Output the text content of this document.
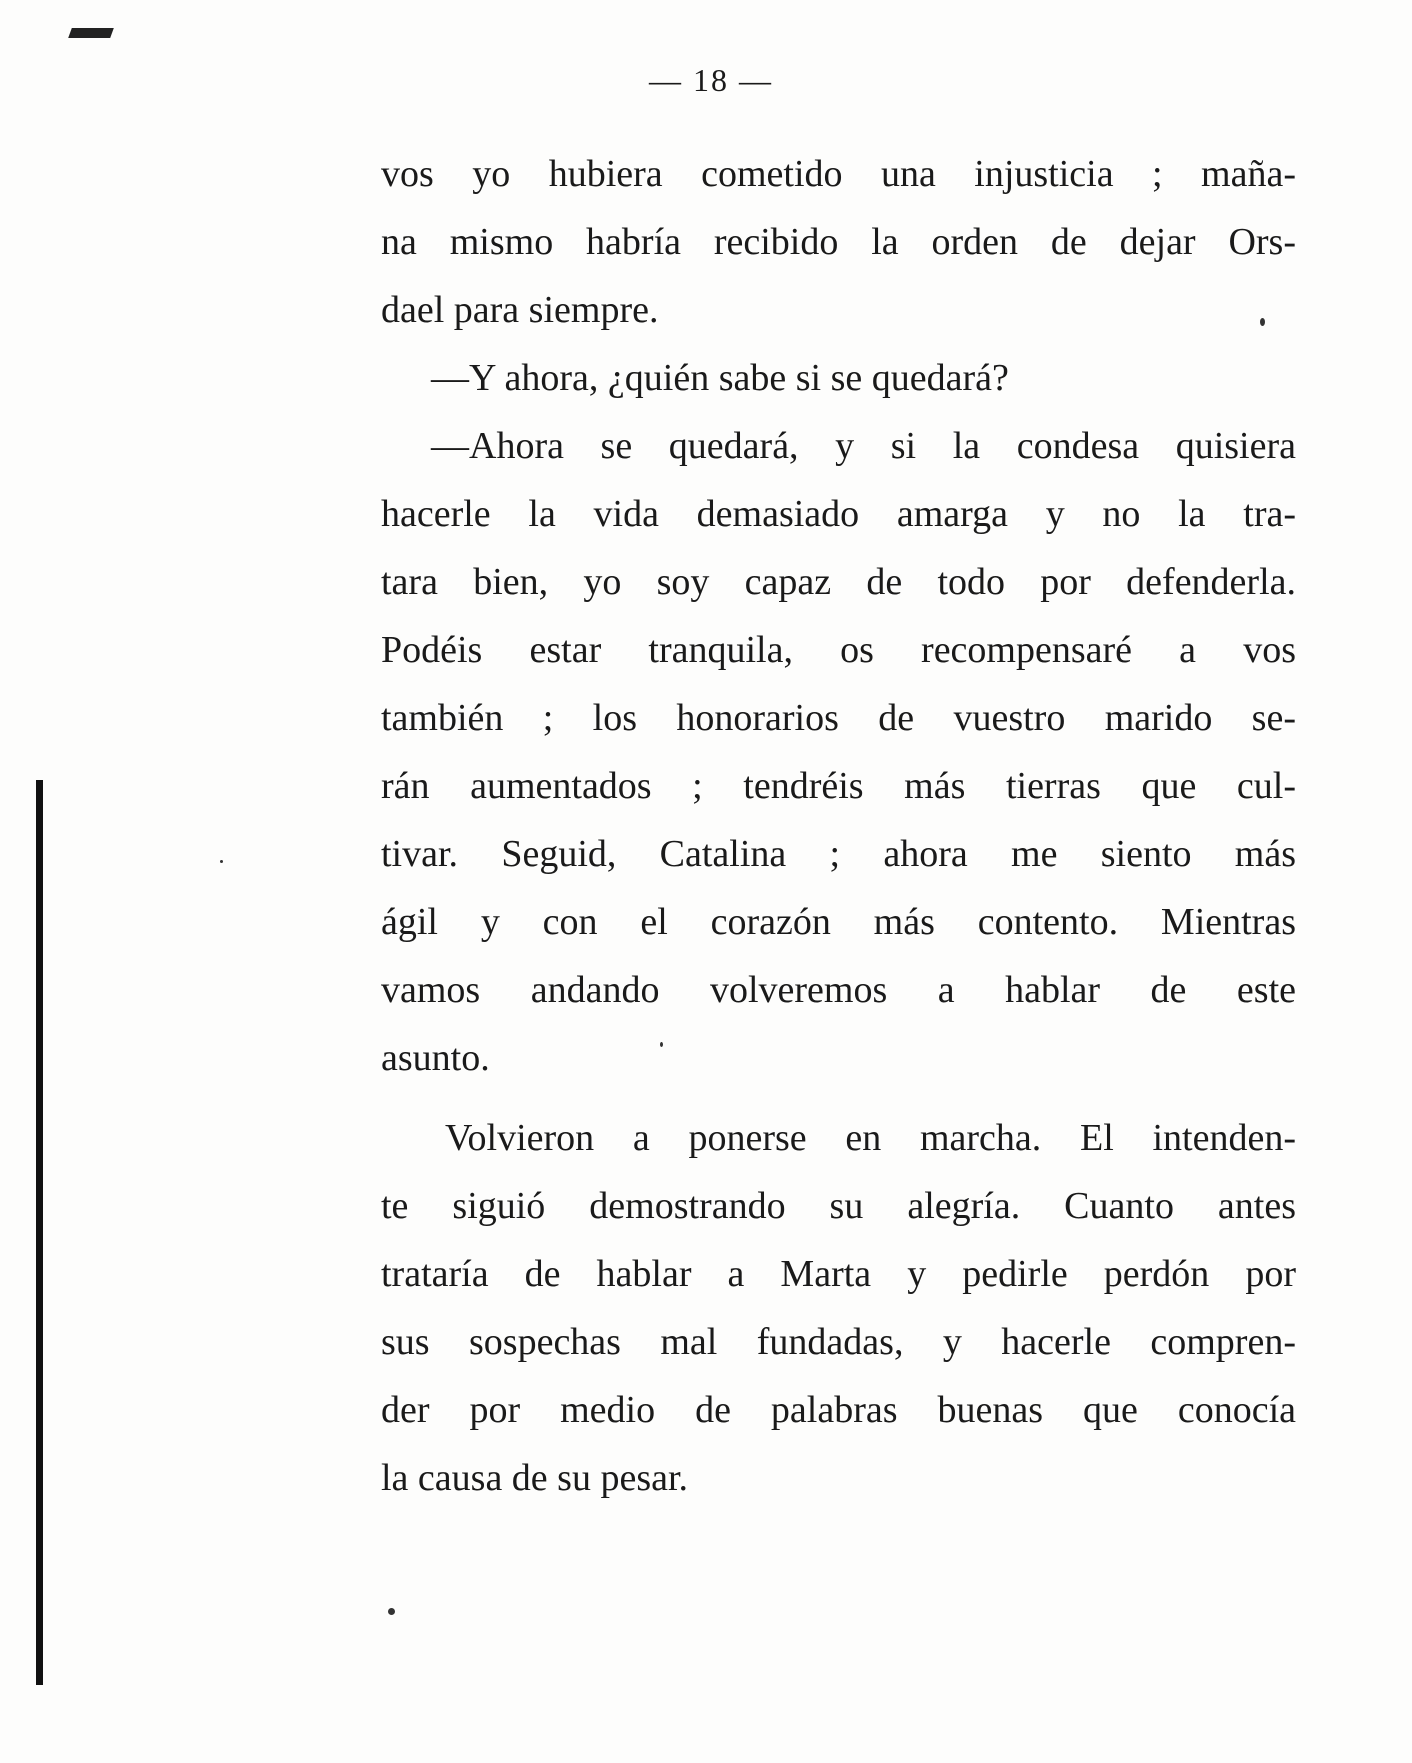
— 18 —
vos yo hubiera cometido una injusticia ; maña-
na mismo habría recibido la orden de dejar Ors-
dael para siempre.
—Y ahora, ¿quién sabe si se quedará?
—Ahora se quedará, y si la condesa quisiera
hacerle la vida demasiado amarga y no la tra-
tara bien, yo soy capaz de todo por defenderla.
Podéis estar tranquila, os recompensaré a vos
también ; los honorarios de vuestro marido se-
rán aumentados ; tendréis más tierras que cul-
tivar. Seguid, Catalina ; ahora me siento más
ágil y con el corazón más contento. Mientras
vamos andando volveremos a hablar de este
asunto.
Volvieron a ponerse en marcha. El intenden-
te siguió demostrando su alegría. Cuanto antes
trataría de hablar a Marta y pedirle perdón por
sus sospechas mal fundadas, y hacerle compren-
der por medio de palabras buenas que conocía
la causa de su pesar.
